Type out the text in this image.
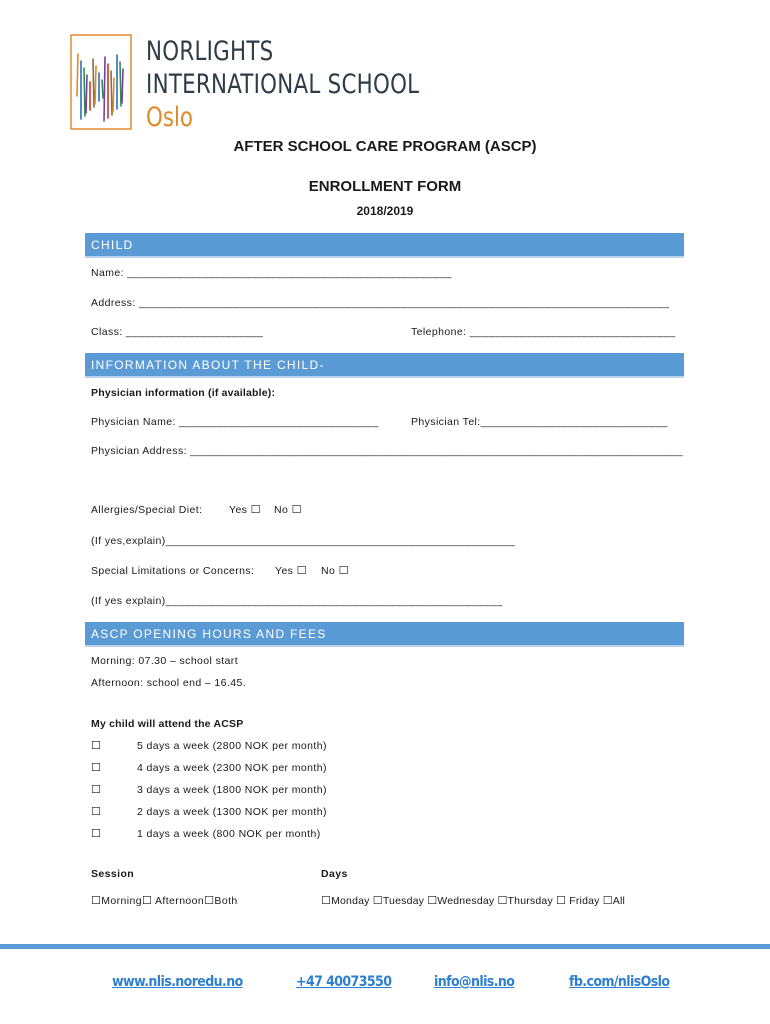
NORLIGHTS
INTERNATIONAL SCHOOL
Oslo
AFTER SCHOOL CARE PROGRAM (ASCP)
ENROLLMENT FORM
2018/2019
CHILD
Name: ____________________________________________________
Address: _____________________________________________________________________________________
Class: ______________________	Telephone: _________________________________
INFORMATION ABOUT THE CHILD-
Physician information (if available):
Physician Name: ________________________________	Physician Tel:______________________________
Physician Address: _______________________________________________________________________________
Allergies/Special Diet:	Yes ☐ No ☐
(If yes,explain)________________________________________________________
Special Limitations or Concerns: Yes ☐ No ☐
(If yes explain)______________________________________________________
ASCP OPENING HOURS AND FEES
Morning: 07.30 – school start
Afternoon: school end – 16.45.
My child will attend the ACSP
☐	5 days a week (2800 NOK per month)
☐	4 days a week (2300 NOK per month)
☐	3 days a week (1800 NOK per month)
☐	2 days a week (1300 NOK per month)
☐	1 days a week (800 NOK per month)
Session	Days
☐Morning☐ Afternoon☐Both	☐Monday ☐Tuesday ☐Wednesday ☐Thursday ☐ Friday ☐All
www.nlis.noredu.no	+47 40073550	info@nlis.no	fb.com/nlisOslo
